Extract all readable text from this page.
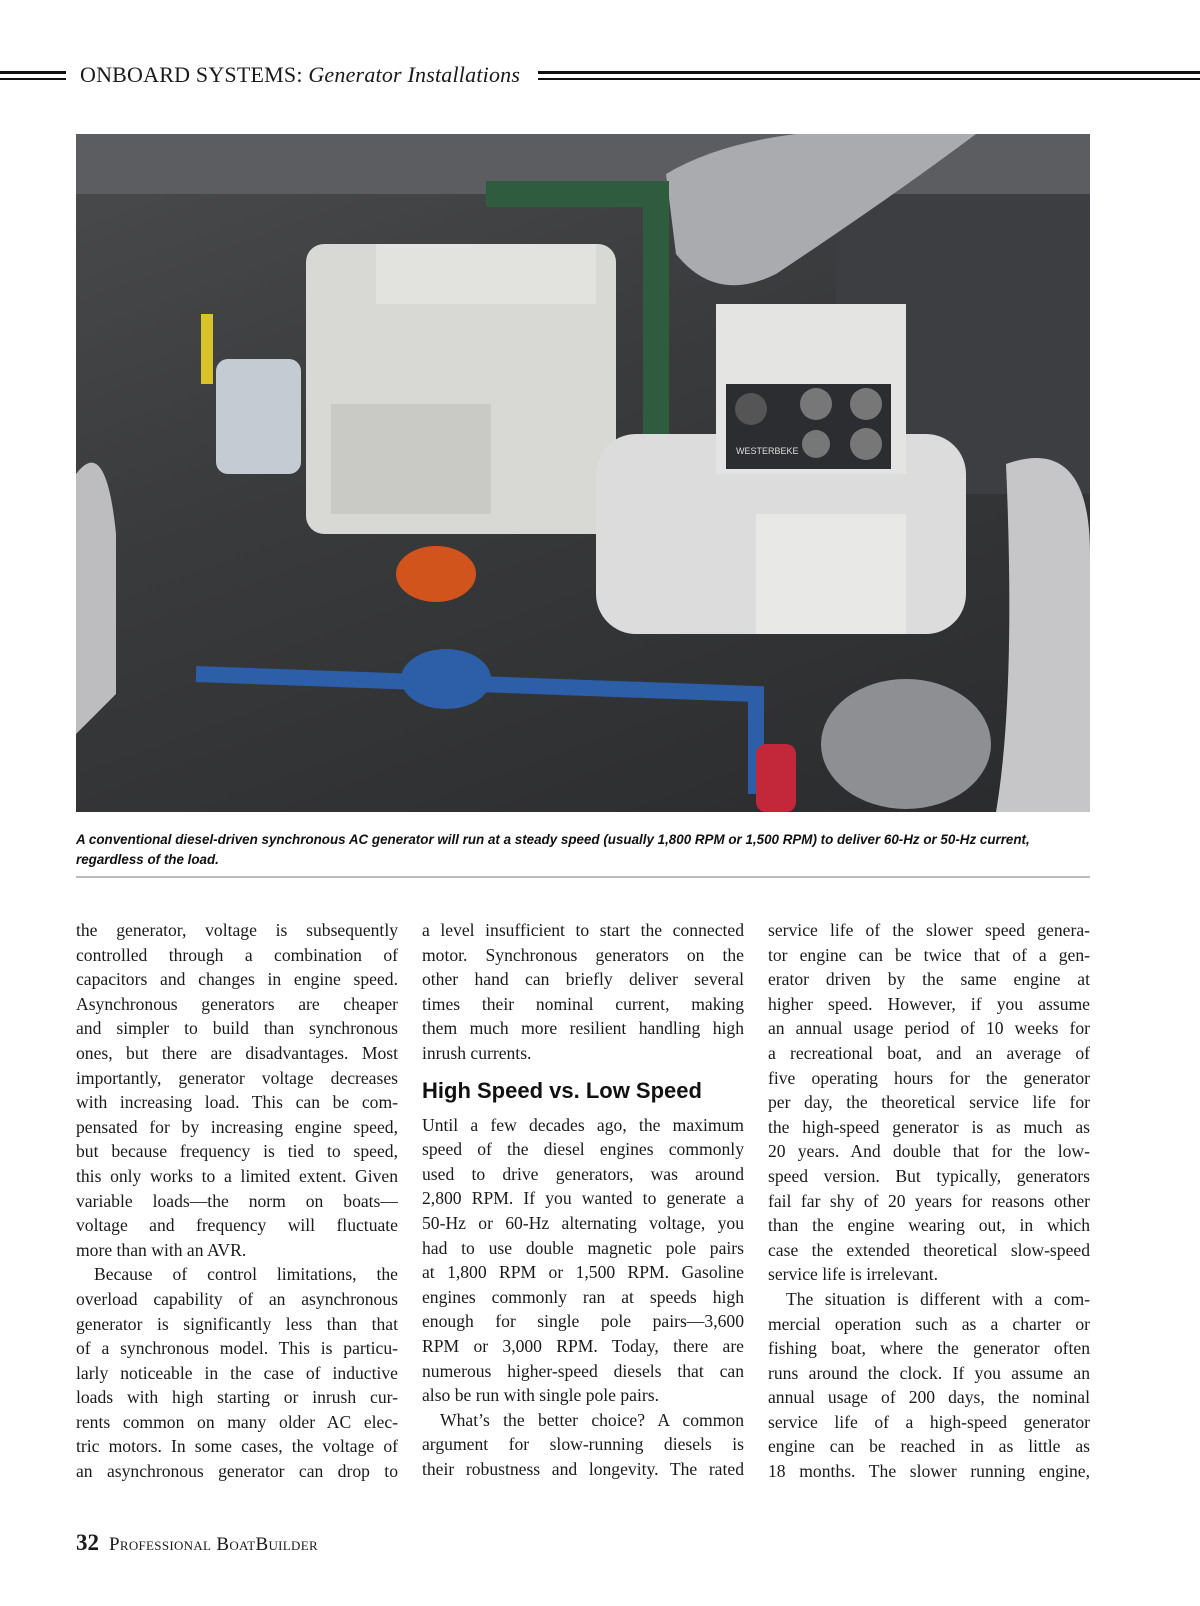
ONBOARD SYSTEMS: Generator Installations
WESTERBEKE
A conventional diesel-driven synchronous AC generator will run at a steady speed (usually 1,800 RPM or 1,500 RPM) to deliver 60-Hz or 50-Hz current, regardless of the load.
the generator, voltage is subsequently
controlled through a combination of
capacitors and changes in engine speed.
Asynchronous generators are cheaper
and simpler to build than synchronous
ones, but there are disadvantages. Most
importantly, generator voltage decreases
with increasing load. This can be com-
pensated for by increasing engine speed,
but because frequency is tied to speed,
this only works to a limited extent. Given
variable loads—the norm on boats—
voltage and frequency will fluctuate
more than with an AVR.
Because of control limitations, the
overload capability of an asynchronous
generator is significantly less than that
of a synchronous model. This is particu-
larly noticeable in the case of inductive
loads with high starting or inrush cur-
rents common on many older AC elec-
tric motors. In some cases, the voltage of
an asynchronous generator can drop to
a level insufficient to start the connected
motor. Synchronous generators on the
other hand can briefly deliver several
times their nominal current, making
them much more resilient handling high
inrush currents.
High Speed vs. Low Speed
Until a few decades ago, the maximum
speed of the diesel engines commonly
used to drive generators, was around
2,800 RPM. If you wanted to generate a
50-Hz or 60-Hz alternating voltage, you
had to use double magnetic pole pairs
at 1,800 RPM or 1,500 RPM. Gasoline
engines commonly ran at speeds high
enough for single pole pairs—3,600
RPM or 3,000 RPM. Today, there are
numerous higher-speed diesels that can
also be run with single pole pairs.
What’s the better choice? A common
argument for slow-running diesels is
their robustness and longevity. The rated
service life of the slower speed genera-
tor engine can be twice that of a gen-
erator driven by the same engine at
higher speed. However, if you assume
an annual usage period of 10 weeks for
a recreational boat, and an average of
five operating hours for the generator
per day, the theoretical service life for
the high-speed generator is as much as
20 years. And double that for the low-
speed version. But typically, generators
fail far shy of 20 years for reasons other
than the engine wearing out, in which
case the extended theoretical slow-speed
service life is irrelevant.
The situation is different with a com-
mercial operation such as a charter or
fishing boat, where the generator often
runs around the clock. If you assume an
annual usage of 200 days, the nominal
service life of a high-speed generator
engine can be reached in as little as
18 months. The slower running engine,
32 Professional BoatBuilder
